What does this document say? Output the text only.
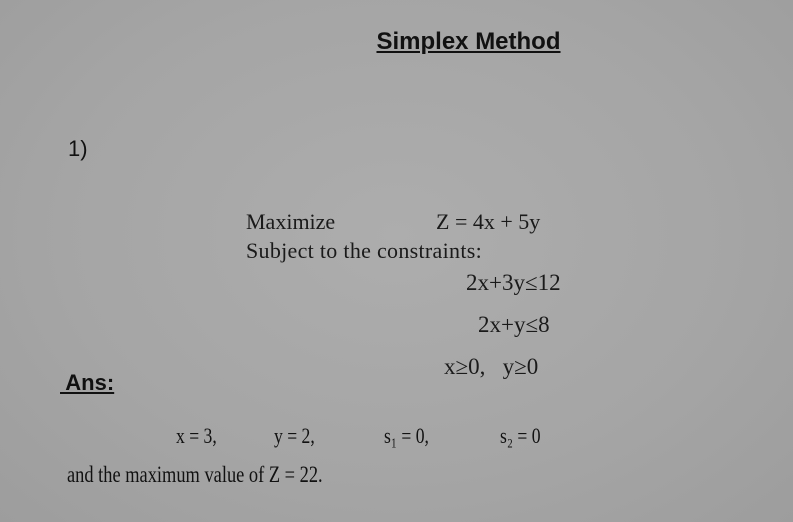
Simplex Method
1)
Maximize	Z = 4x + 5y
Subject to the constraints:
2x+3y≤12
2x+y≤8
x≥0,   y≥0
Ans:
x = 3,	y = 2,	s₁ = 0,	s₂ = 0
and the maximum value of Z = 22.
